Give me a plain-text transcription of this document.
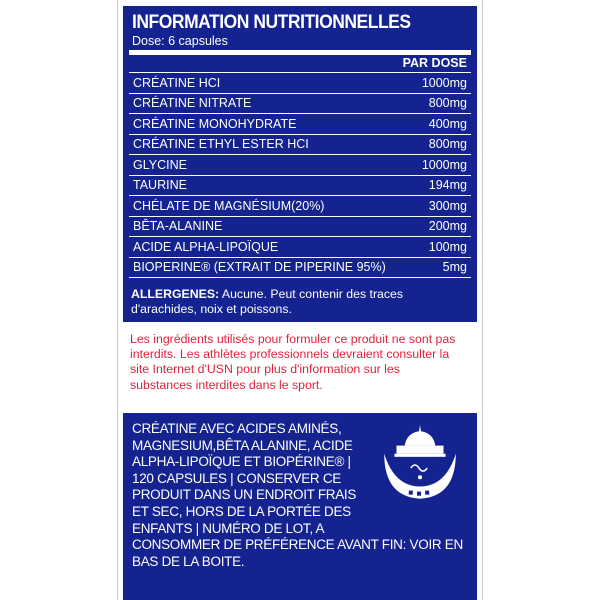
INFORMATION NUTRITIONNELLES
Dose: 6 capsules
PAR DOSE
CRÉATINE HCI	1000mg
CRÉATINE NITRATE	800mg
CRÉATINE MONOHYDRATE	400mg
CRÉATINE ETHYL ESTER HCI	800mg
GLYCINE	1000mg
TAURINE	194mg
CHÉLATE DE MAGNÉSIUM(20%)	300mg
BÊTA-ALANINE	200mg
ACIDE ALPHA-LIPOÏQUE	100mg
BIOPERINE® (EXTRAIT DE PIPERINE 95%)	5mg
ALLERGENES: Aucune. Peut contenir des traces d'arachides, noix et poissons.
Les ingrédients utilisés pour formuler ce produit ne sont pas interdits. Les athlètes professionnels devraient consulter la site Internet d'USN pour plus d'information sur les substances interdites dans le sport.
CRÉATINE AVEC ACIDES AMINÉS, MAGNESIUM,BÊTA ALANINE, ACIDE ALPHA-LIPOÏQUE ET BIOPÉRINE® | 120 CAPSULES | CONSERVER CE PRODUIT DANS UN ENDROIT FRAIS ET SEC, HORS DE LA PORTÉE DES ENFANTS | NUMÉRO DE LOT, A CONSOMMER DE PRÉFÉRENCE AVANT FIN: VOIR EN BAS DE LA BOITE.
